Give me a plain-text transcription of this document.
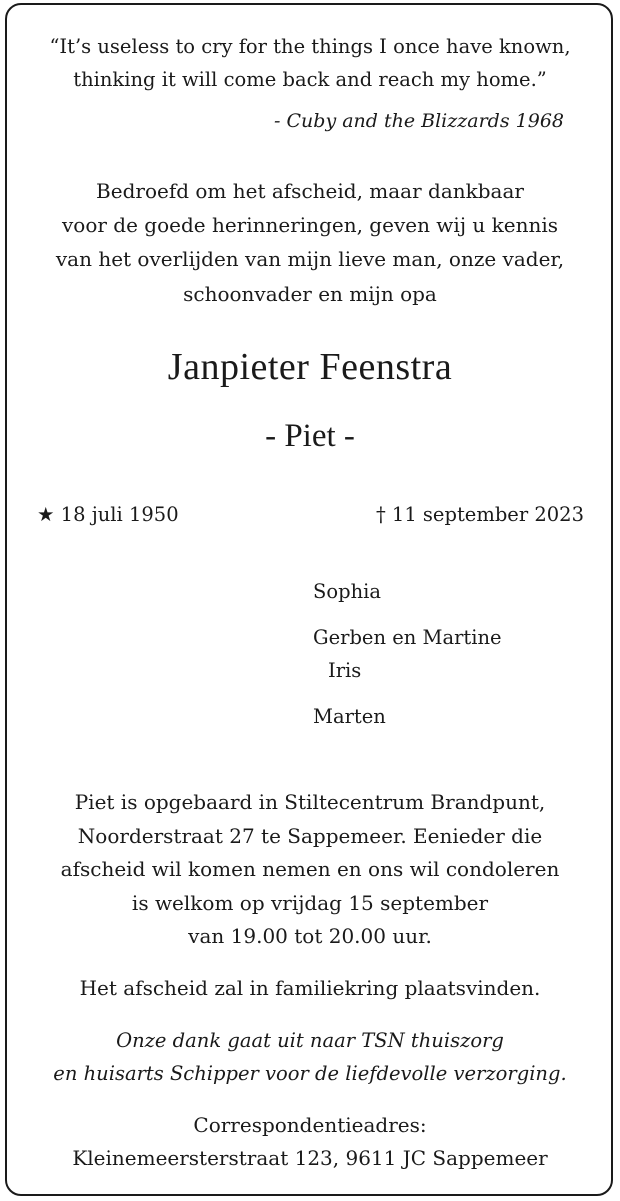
“It’s useless to cry for the things I once have known,
thinking it will come back and reach my home.”
- Cuby and the Blizzards 1968
Bedroefd om het afscheid, maar dankbaar
voor de goede herinneringen, geven wij u kennis
van het overlijden van mijn lieve man, onze vader,
schoonvader en mijn opa
Janpieter Feenstra
- Piet -
★ 18 juli 1950	† 11 september 2023
Sophia
Gerben en Martine
Iris
Marten
Piet is opgebaard in Stiltecentrum Brandpunt,
Noorderstraat 27 te Sappemeer. Eenieder die
afscheid wil komen nemen en ons wil condoleren
is welkom op vrijdag 15 september
van 19.00 tot 20.00 uur.
Het afscheid zal in familiekring plaatsvinden.
Onze dank gaat uit naar TSN thuiszorg
en huisarts Schipper voor de liefdevolle verzorging.
Correspondentieadres:
Kleinemeersterstraat 123, 9611 JC Sappemeer
